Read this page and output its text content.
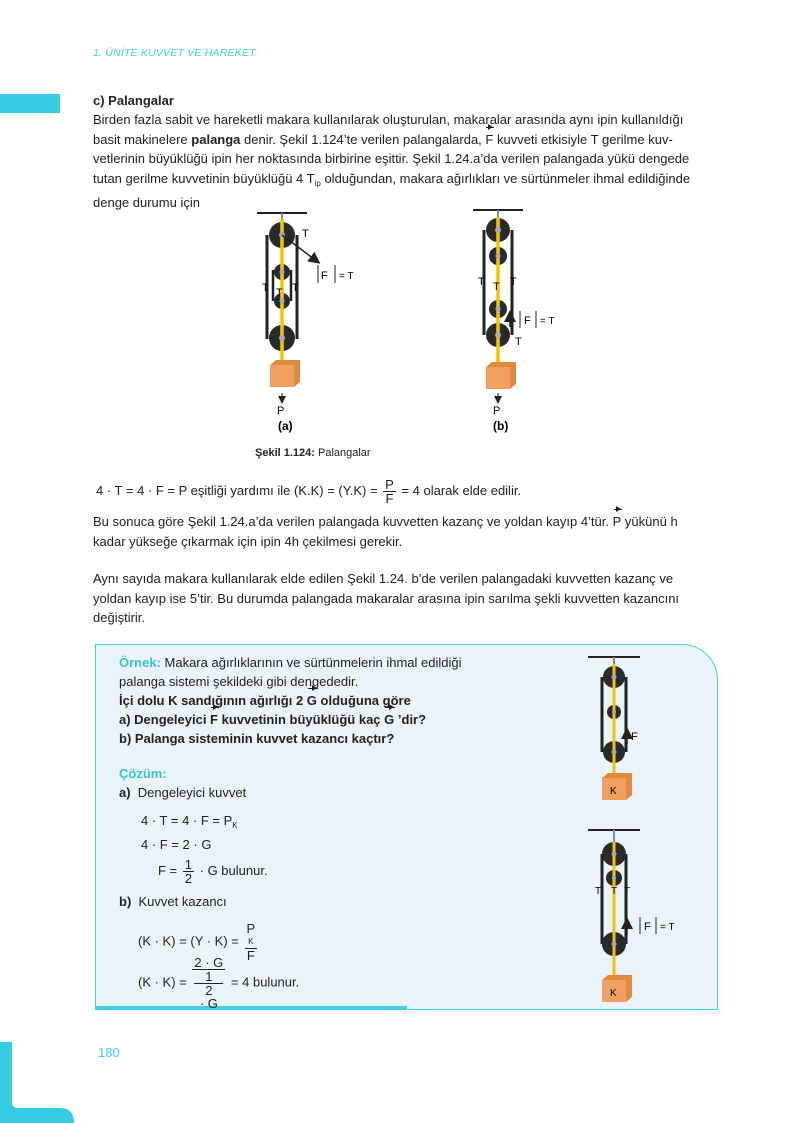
1. ÜNİTE KUVVET VE HAREKET
180
c) Palangalar
Birden fazla sabit ve hareketli makara kullanılarak oluşturulan, makaralar arasında aynı ipin kullanıldığı
basit makinelere palanga denir. Şekil 1.124’te verilen palangalarda, F kuvveti etkisiyle T gerilme kuv-
vetlerinin büyüklüğü ipin her noktasında birbirine eşittir. Şekil 1.24.a’da verilen palangada yükü dengede
tutan gerilme kuvvetinin büyüklüğü 4 $T_{ip}$ olduğundan, makara ağırlıkları ve sürtünmeler ihmal edildiğinde
denge durumu için
T
T T T
F = T
P
(a)
T T T
T
F = T
P
(b)
Şekil 1.124: Palangalar
4 · T = 4 · F = P eşitliği yardımı ile $(K.K) = (Y.K) = \frac{P}{F} = 4$ olarak elde edilir.
Bu sonuca göre Şekil 1.24.a’da verilen palangada kuvvetten kazanç ve yoldan kayıp 4’tür. P yükünü h
kadar yükseğe çıkarmak için ipin 4h çekilmesi gerekir.
Aynı sayıda makara kullanılarak elde edilen Şekil 1.24. b’de verilen palangadaki kuvvetten kazanç ve
yoldan kayıp ise 5’tir. Bu durumda palangada makaralar arasına ipin sarılma şekli kuvvetten kazancını
değiştirir.
Örnek: Makara ağırlıklarının ve sürtünmelerin ihmal edildiği
palanga sistemi şekildeki gibi dengededir.
İçi dolu K sandığının ağırlığı 2 G olduğuna göre
a) Dengeleyici F kuvvetinin büyüklüğü kaç G ’dir?
b) Palanga sisteminin kuvvet kazancı kaçtır?
Çözüm:
a) Dengeleyici kuvvet
$4 \cdot T = 4 \cdot F = P_K$
4 · F = 2 · G
$F = \frac{1}{2} \cdot G$ bulunur.
b) Kuvvet kazancı
(K · K) = (Y · K) = P
K
F
(K · K) = 2 · G
1
2
· G = 4 bulunur.
F
K
T T T
F = T
K
